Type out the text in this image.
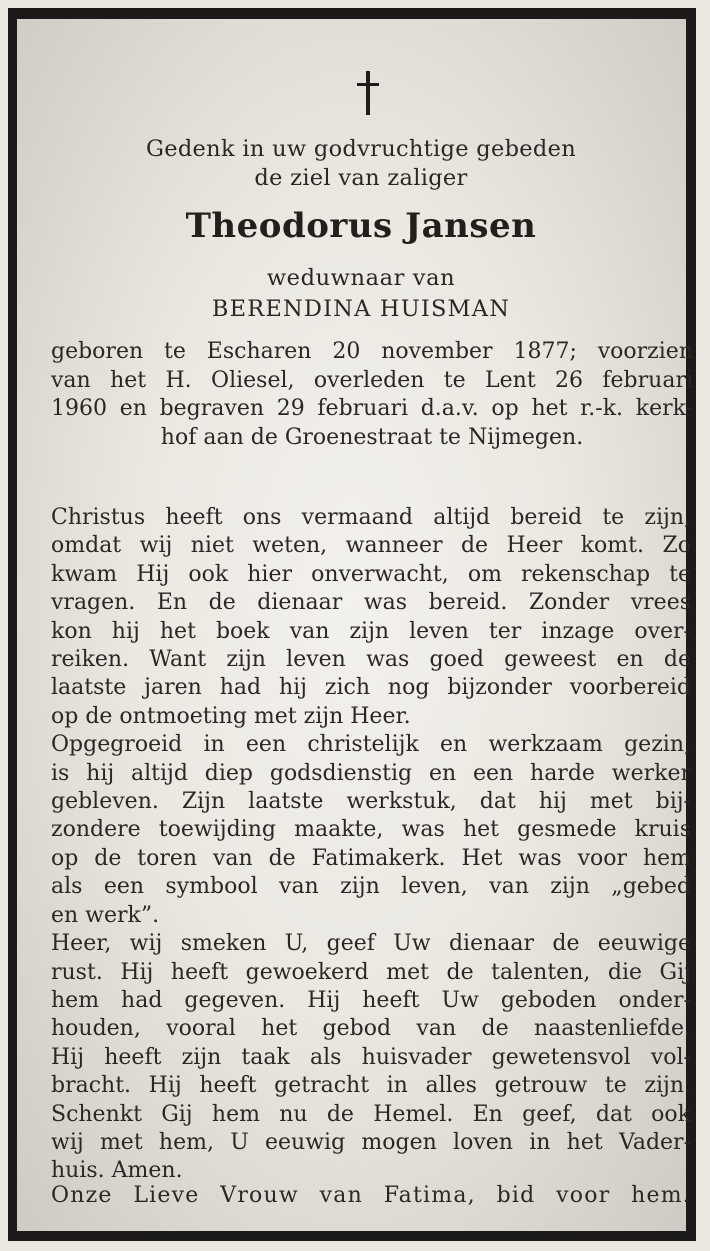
Gedenk in uw godvruchtige gebeden
de ziel van zaliger
Theodorus Jansen
weduwnaar van
BERENDINA HUISMAN
geboren te Escharen 20 november 1877; voorzien
van het H. Oliesel, overleden te Lent 26 februari
1960 en begraven 29 februari d.a.v. op het r.-k. kerk-
hof aan de Groenestraat te Nijmegen.
Christus heeft ons vermaand altijd bereid te zijn,
omdat wij niet weten, wanneer de Heer komt. Zo
kwam Hij ook hier onverwacht, om rekenschap te
vragen. En de dienaar was bereid. Zonder vrees
kon hij het boek van zijn leven ter inzage over-
reiken. Want zijn leven was goed geweest en de
laatste jaren had hij zich nog bijzonder voorbereid
op de ontmoeting met zijn Heer.
Opgegroeid in een christelijk en werkzaam gezin,
is hij altijd diep godsdienstig en een harde werker
gebleven. Zijn laatste werkstuk, dat hij met bij-
zondere toewijding maakte, was het gesmede kruis
op de toren van de Fatimakerk. Het was voor hem
als een symbool van zijn leven, van zijn „gebed
en werk”.
Heer, wij smeken U, geef Uw dienaar de eeuwige
rust. Hij heeft gewoekerd met de talenten, die Gij
hem had gegeven. Hij heeft Uw geboden onder-
houden, vooral het gebod van de naastenliefde.
Hij heeft zijn taak als huisvader gewetensvol vol-
bracht. Hij heeft getracht in alles getrouw te zijn.
Schenkt Gij hem nu de Hemel. En geef, dat ook
wij met hem, U eeuwig mogen loven in het Vader-
huis. Amen.
Onze Lieve Vrouw van Fatima, bid voor hem.
